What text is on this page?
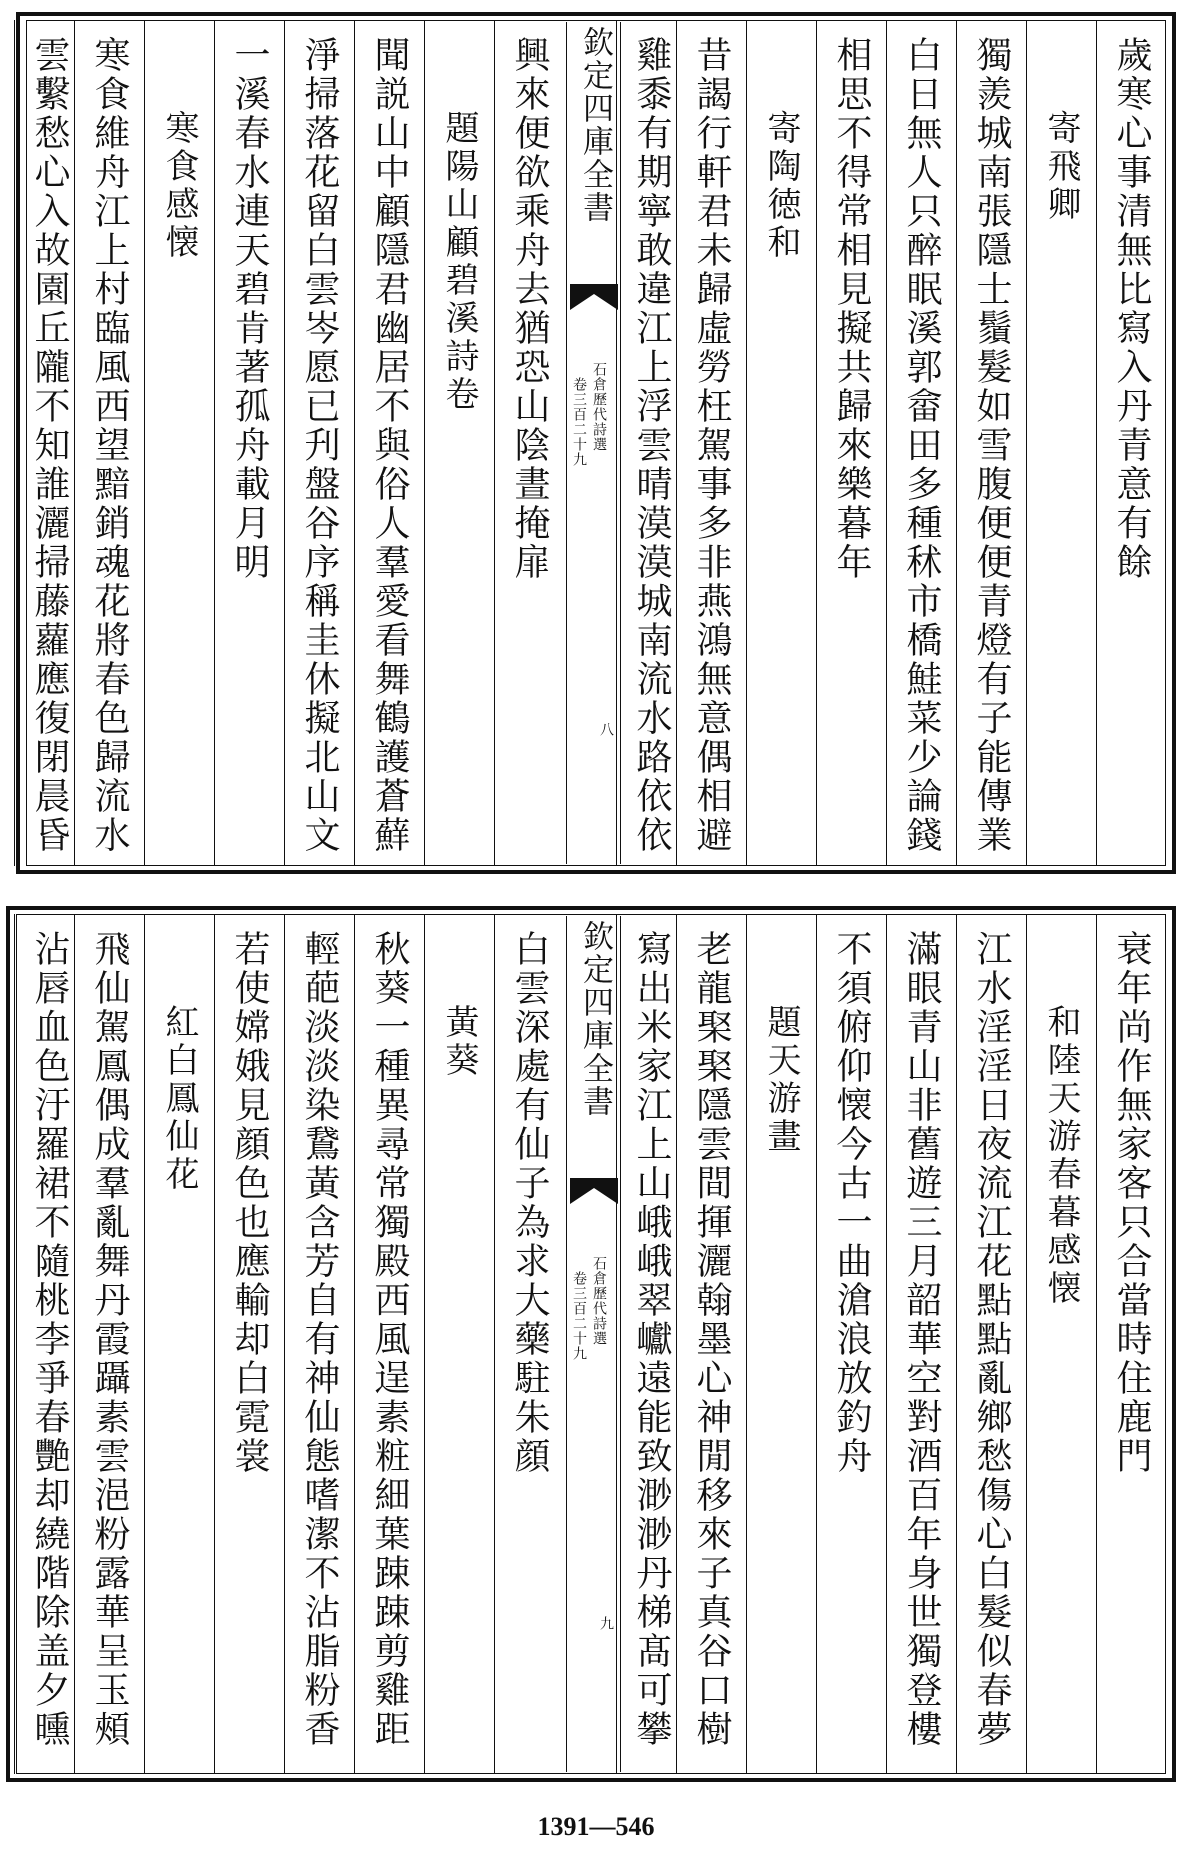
欽定四庫全書
石倉歷代詩選
卷三百二十九
八
欽定四庫全書
石倉歷代詩選
卷三百二十九
九
1391—546
歲寒心事清無比寫入丹青意有餘
寄飛卿
獨羨城南張隱士鬚髮如雪腹便便青燈有子能傳業
白日無人只醉眠溪郭畲田多種秫市橋鮭菜少論錢
相思不得常相見擬共歸來樂暮年
寄陶徳和
昔謁行軒君未歸虛勞枉駕事多非燕鴻無意偶相避
雞黍有期寧敢違江上浮雲晴漠漠城南流水路依依
興來便欲乘舟去猶恐山陰晝掩扉
題陽山顧碧溪詩卷
聞説山中顧隱君幽居不與俗人羣愛看舞鶴護蒼蘚
淨掃落花留白雲岑愿已刋盤谷序稱圭休擬北山文
一溪春水連天碧肯著孤舟載月明
寒食感懐
寒食維舟江上村臨風西望黯銷魂花將春色歸流水
雲繫愁心入故園丘隴不知誰灑掃藤蘿應復閉晨昏
衰年尚作無家客只合當時住鹿門
和陸天游春暮感懐
江水淫淫日夜流江花點點亂鄉愁傷心白髮似春夢
滿眼青山非舊遊三月韶華空對酒百年身世獨登樓
不須俯仰懐今古一曲滄浪放釣舟
題天游畫
老龍棸棸隱雲間揮灑翰墨心神閒移來子真谷口樹
寫出米家江上山峨峨翠巘遠能致渺渺丹梯髙可攀
白雲深處有仙子為求大藥駐朱顔
黃葵
秋葵一種異尋常獨殿西風逞素粧細葉踈踈剪雞距
輕葩淡淡染鵞黃含芳自有神仙態嗜潔不沾脂粉香
若使嫦娥見顔色也應輸却白霓裳
紅白鳳仙花
飛仙駕鳳偶成羣亂舞丹霞躡素雲浥粉露華呈玉頰
沾唇血色汙羅裙不隨桃李爭春艷却繞階除盖夕曛
